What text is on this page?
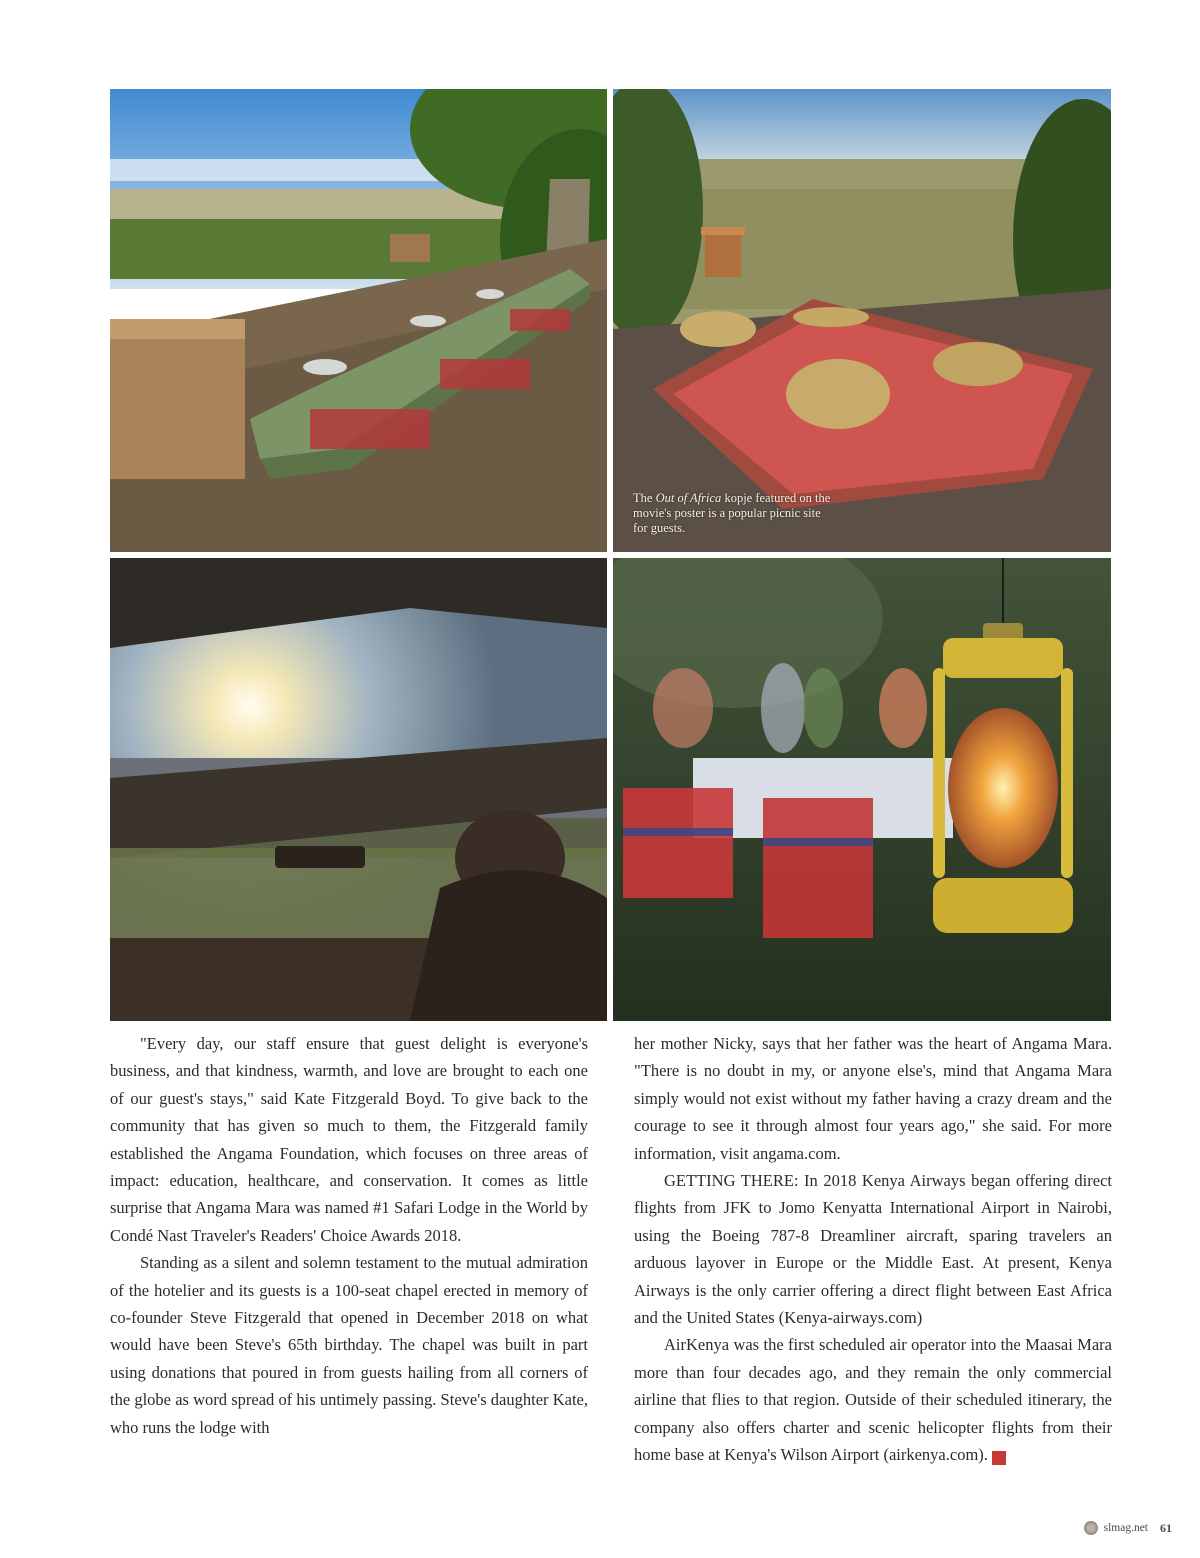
The Out of Africa kopje featured on the movie's poster is a popular picnic site for guests.

"Every day, our staff ensure that guest delight is everyone's business, and that kindness, warmth, and love are brought to each one of our guest's stays," said Kate Fitzgerald Boyd. To give back to the community that has given so much to them, the Fitzgerald family established the Angama Foundation, which focuses on three areas of impact: education, healthcare, and conservation. It comes as little surprise that Angama Mara was named #1 Safari Lodge in the World by Condé Nast Traveler's Readers' Choice Awards 2018.

Standing as a silent and solemn testament to the mutual admiration of the hotelier and its guests is a 100-seat chapel erected in memory of co-founder Steve Fitzgerald that opened in December 2018 on what would have been Steve's 65th birthday. The chapel was built in part using donations that poured in from guests hailing from all corners of the globe as word spread of his untimely passing. Steve's daughter Kate, who runs the lodge with

her mother Nicky, says that her father was the heart of Angama Mara. "There is no doubt in my, or anyone else's, mind that Angama Mara simply would not exist without my father having a crazy dream and the courage to see it through almost four years ago," she said. For more information, visit angama.com.

GETTING THERE: In 2018 Kenya Airways began offering direct flights from JFK to Jomo Kenyatta International Airport in Nairobi, using the Boeing 787-8 Dreamliner aircraft, sparing travelers an arduous layover in Europe or the Middle East. At present, Kenya Airways is the only carrier offering a direct flight between East Africa and the United States (Kenya-airways.com)

AirKenya was the first scheduled air operator into the Maasai Mara more than four decades ago, and they remain the only commercial airline that flies to that region. Outside of their scheduled itinerary, the company also offers charter and scenic helicopter flights from their home base at Kenya's Wilson Airport (airkenya.com).	sl

slmag.net 61
